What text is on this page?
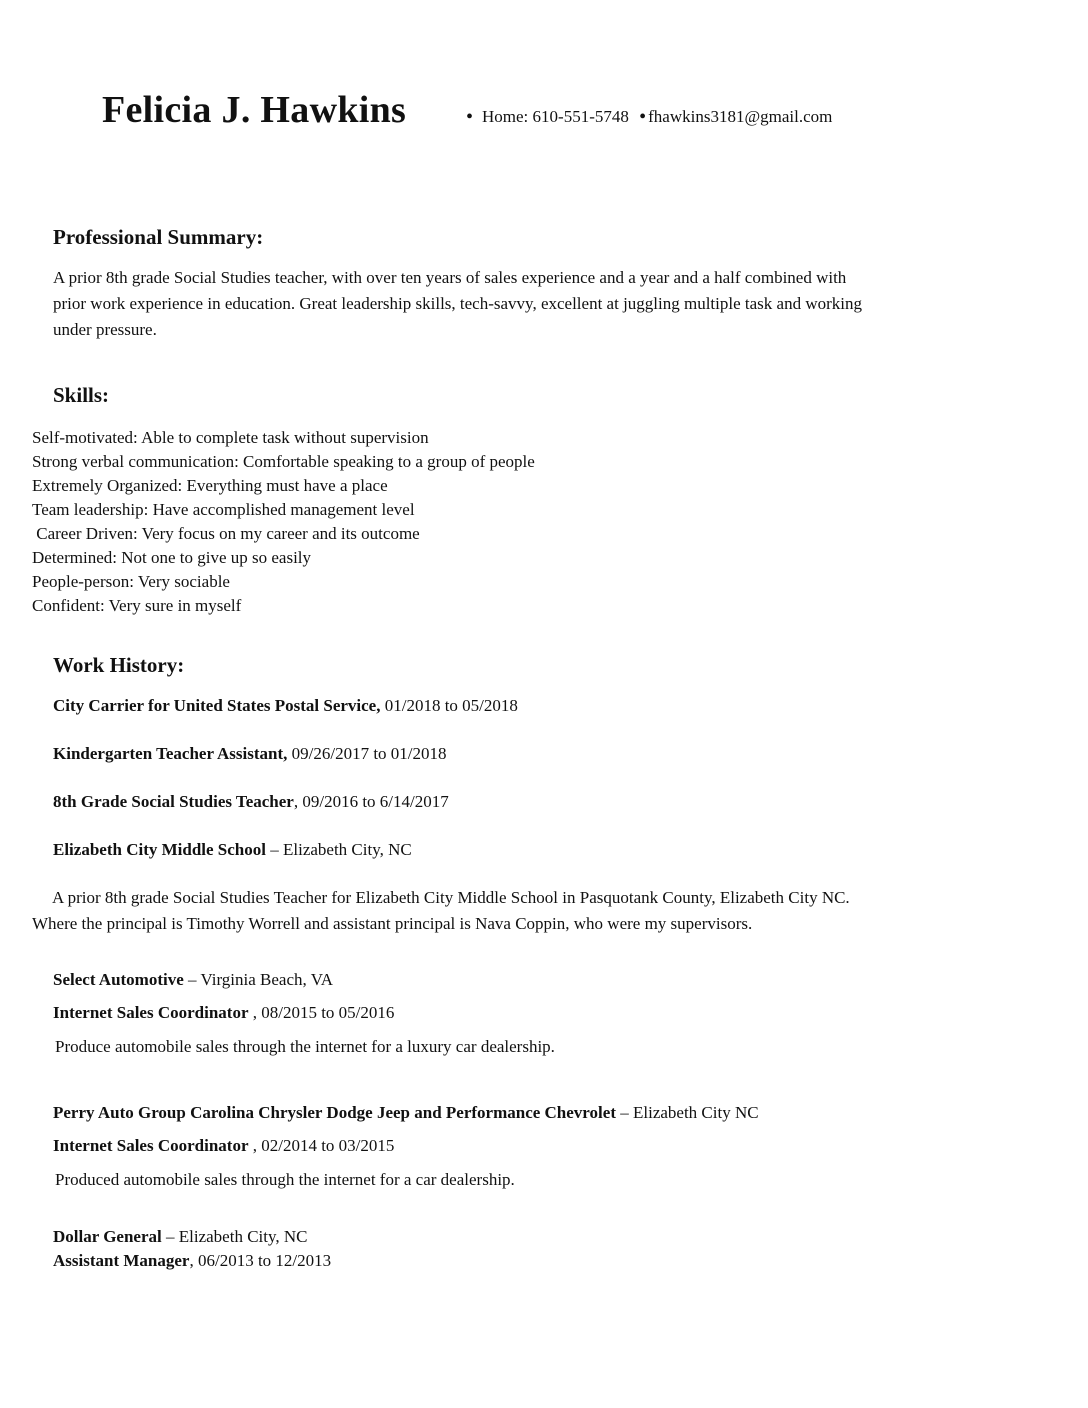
Felicia J. Hawkins	• Home: 610-551-5748 • fhawkins3181@gmail.com
Professional Summary:
A prior 8th grade Social Studies teacher, with over ten years of sales experience and a year and a half combined with
prior work experience in education. Great leadership skills, tech-savvy, excellent at juggling multiple task and working
under pressure.
Skills:
Self-motivated: Able to complete task without supervision
Strong verbal communication: Comfortable speaking to a group of people
Extremely Organized: Everything must have a place
Team leadership: Have accomplished management level
Career Driven: Very focus on my career and its outcome
Determined: Not one to give up so easily
People-person: Very sociable
Confident: Very sure in myself
Work History:
City Carrier for United States Postal Service, 01/2018 to 05/2018
Kindergarten Teacher Assistant, 09/26/2017 to 01/2018
8th Grade Social Studies Teacher, 09/2016 to 6/14/2017
Elizabeth City Middle School – Elizabeth City, NC
A prior 8th grade Social Studies Teacher for Elizabeth City Middle School in Pasquotank County, Elizabeth City NC.
Where the principal is Timothy Worrell and assistant principal is Nava Coppin, who were my supervisors.
Select Automotive – Virginia Beach, VA
Internet Sales Coordinator , 08/2015 to 05/2016
Produce automobile sales through the internet for a luxury car dealership.
Perry Auto Group Carolina Chrysler Dodge Jeep and Performance Chevrolet – Elizabeth City NC
Internet Sales Coordinator , 02/2014 to 03/2015
Produced automobile sales through the internet for a car dealership.
Dollar General – Elizabeth City, NC
Assistant Manager, 06/2013 to 12/2013
